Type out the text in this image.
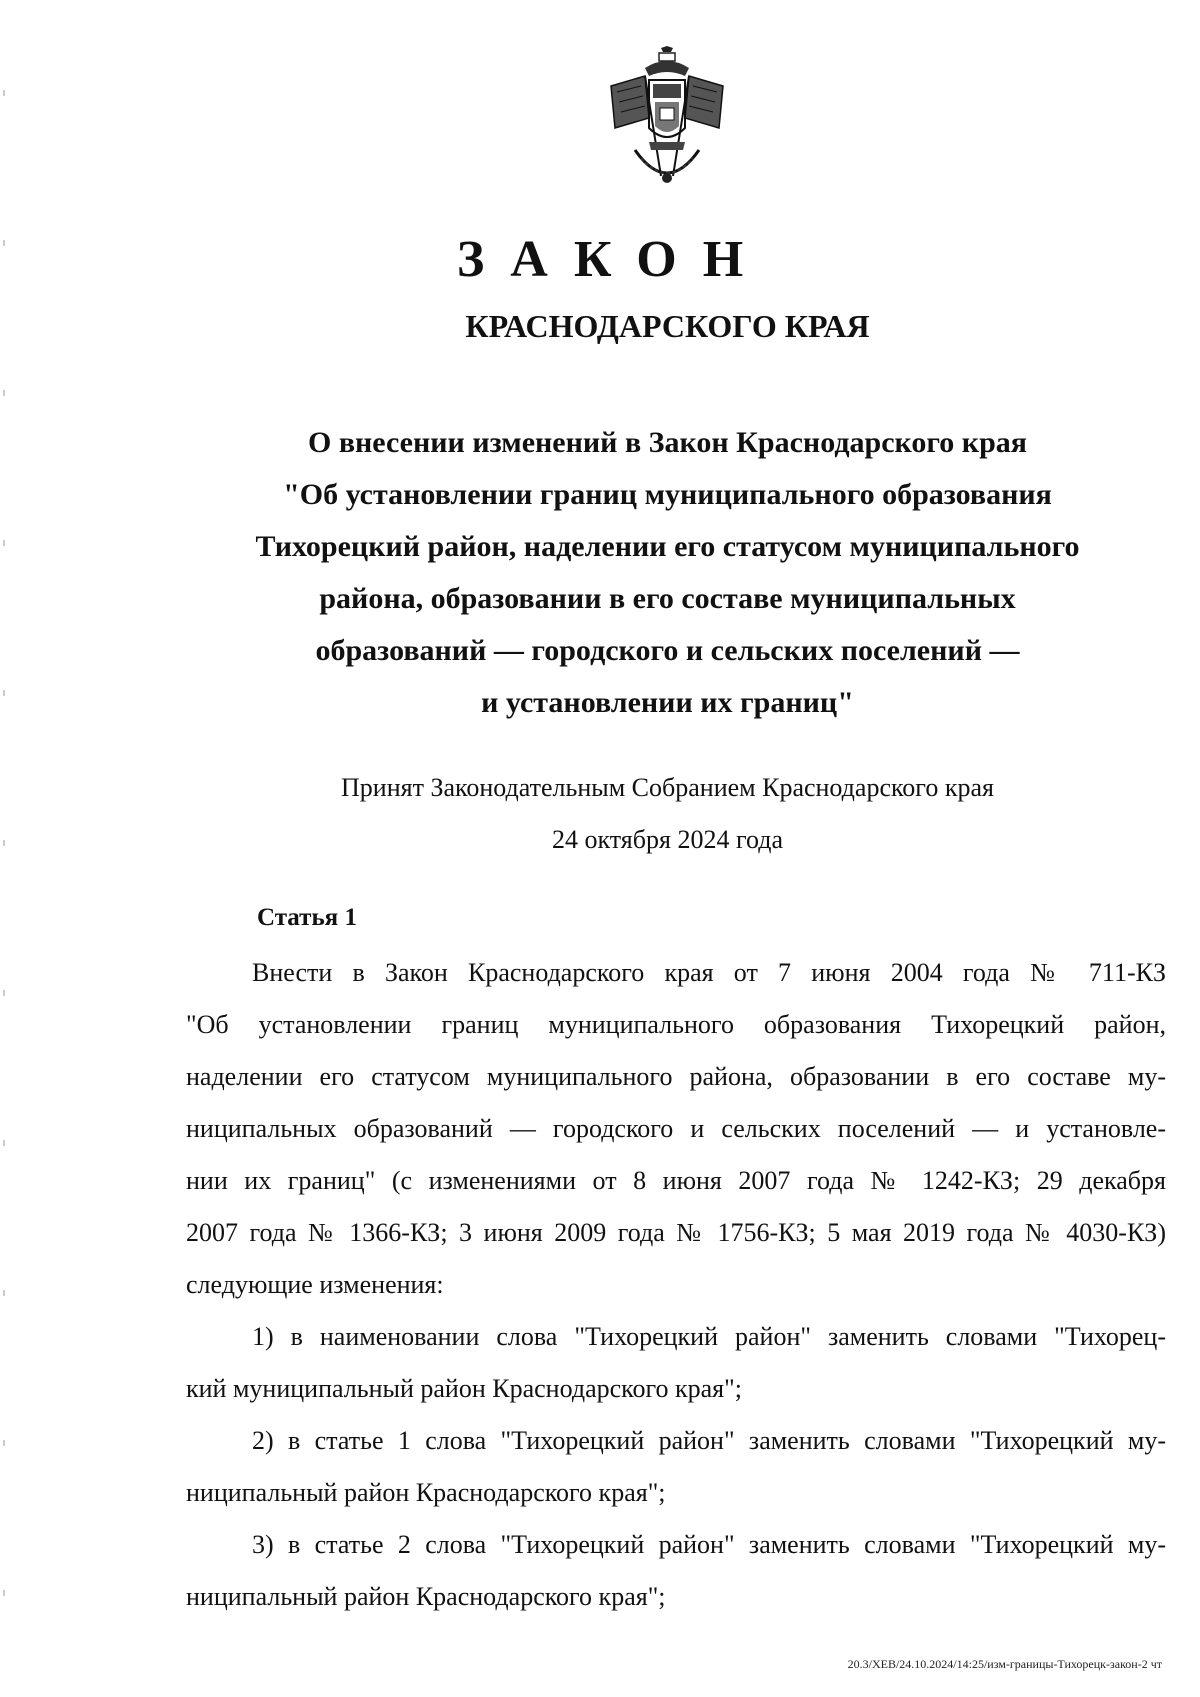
ЗАКОН
КРАСНОДАРСКОГО КРАЯ
О внесении изменений в Закон Краснодарского края
"Об установлении границ муниципального образования
Тихорецкий район, наделении его статусом муниципального
района, образовании в его составе муниципальных
образований — городского и сельских поселений —
и установлении их границ"
Принят Законодательным Собранием Краснодарского края
24 октября 2024 года
Статья 1
Внести в Закон Краснодарского края от 7 июня 2004 года № 711-КЗ
"Об установлении границ муниципального образования Тихорецкий район,
наделении его статусом муниципального района, образовании в его составе му-
ниципальных образований — городского и сельских поселений — и установле-
нии их границ" (с изменениями от 8 июня 2007 года № 1242-КЗ; 29 декабря
2007 года № 1366-КЗ; 3 июня 2009 года № 1756-КЗ; 5 мая 2019 года № 4030-КЗ)
следующие изменения:
1) в наименовании слова "Тихорецкий район" заменить словами "Тихорец-
кий муниципальный район Краснодарского края";
2) в статье 1 слова "Тихорецкий район" заменить словами "Тихорецкий му-
ниципальный район Краснодарского края";
3) в статье 2 слова "Тихорецкий район" заменить словами "Тихорецкий му-
ниципальный район Краснодарского края";
20.3/ХЕВ/24.10.2024/14:25/изм-границы-Тихорецк-закон-2 чт
